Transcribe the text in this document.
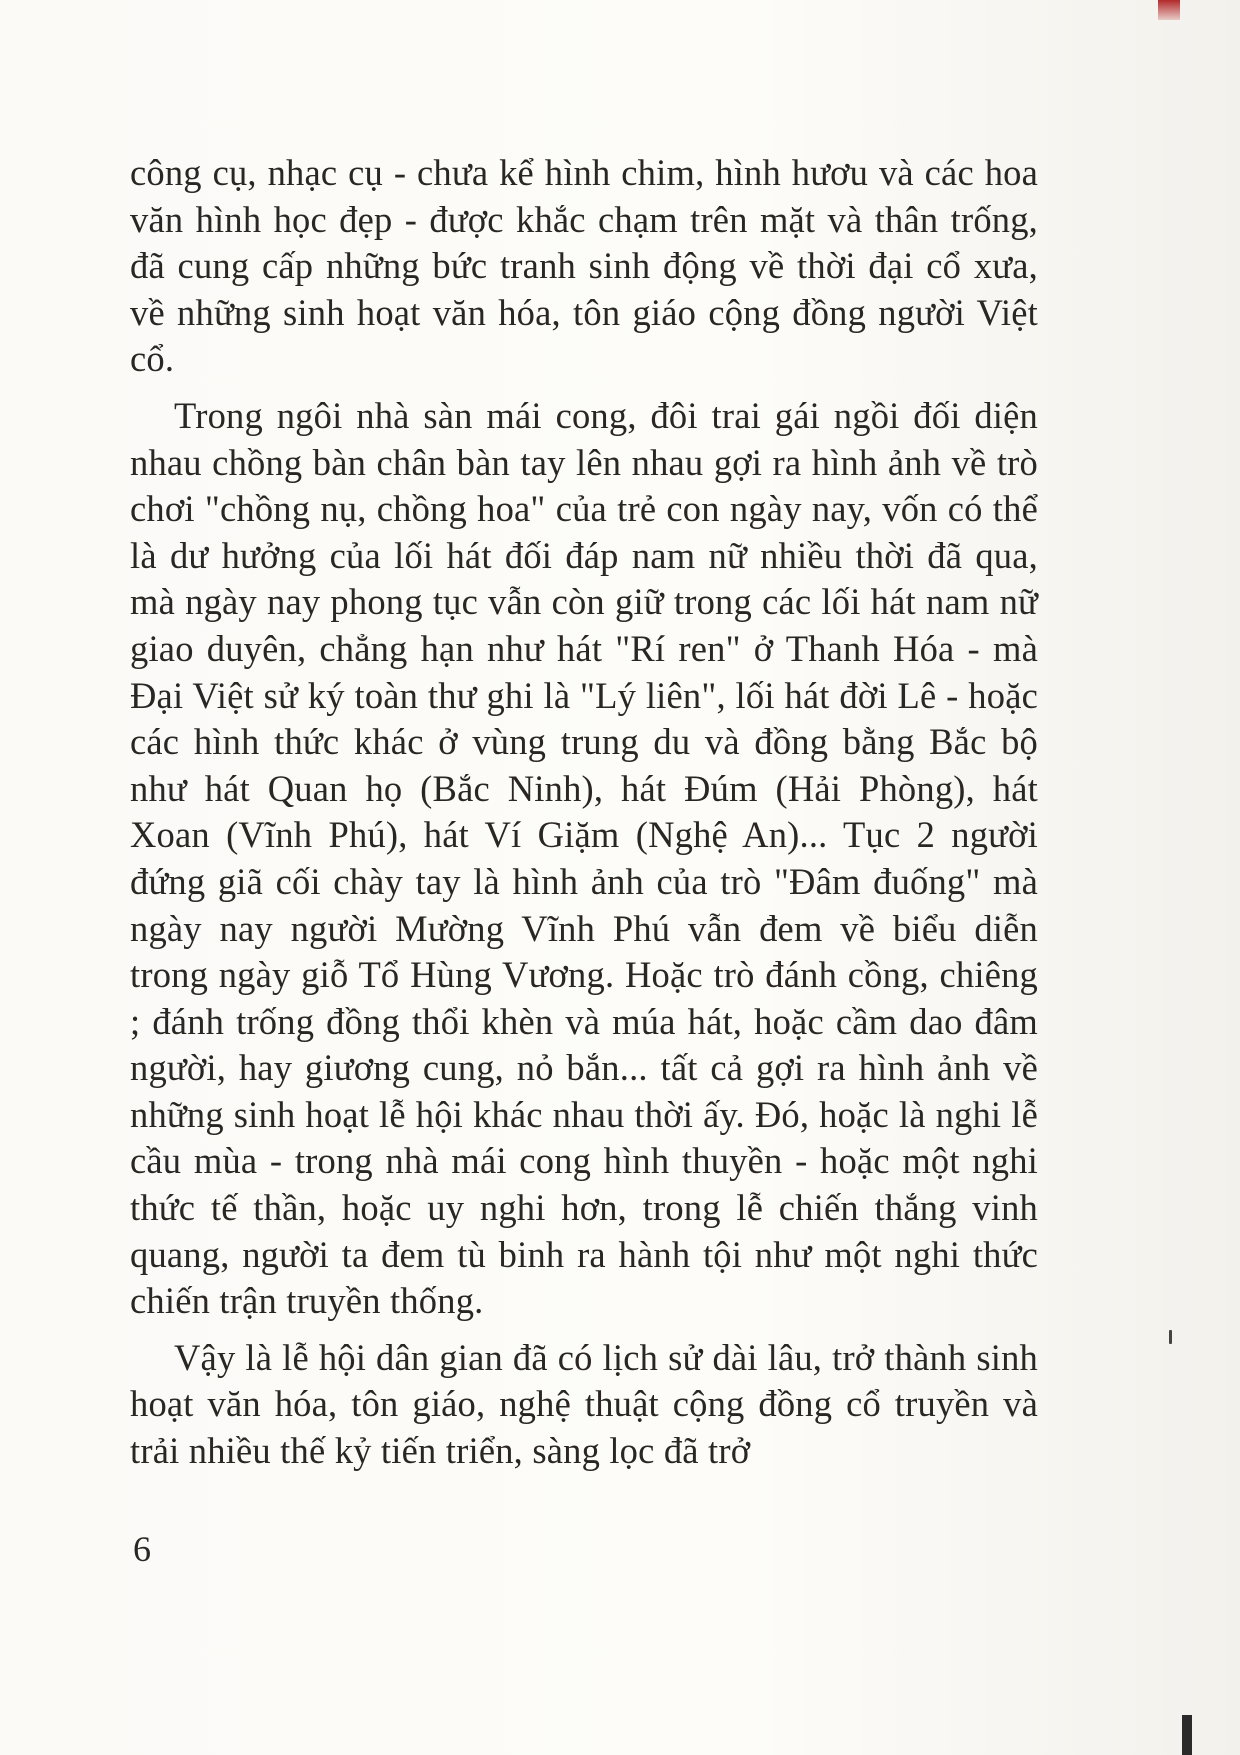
công cụ, nhạc cụ - chưa kể hình chim, hình hươu và các hoa văn hình học đẹp - được khắc chạm trên mặt và thân trống, đã cung cấp những bức tranh sinh động về thời đại cổ xưa, về những sinh hoạt văn hóa, tôn giáo cộng đồng người Việt cổ.

Trong ngôi nhà sàn mái cong, đôi trai gái ngồi đối diện nhau chồng bàn chân bàn tay lên nhau gợi ra hình ảnh về trò chơi "chồng nụ, chồng hoa" của trẻ con ngày nay, vốn có thể là dư hưởng của lối hát đối đáp nam nữ nhiều thời đã qua, mà ngày nay phong tục vẫn còn giữ trong các lối hát nam nữ giao duyên, chẳng hạn như hát "Rí ren" ở Thanh Hóa - mà Đại Việt sử ký toàn thư ghi là "Lý liên", lối hát đời Lê - hoặc các hình thức khác ở vùng trung du và đồng bằng Bắc bộ như hát Quan họ (Bắc Ninh), hát Đúm (Hải Phòng), hát Xoan (Vĩnh Phú), hát Ví Giặm (Nghệ An)... Tục 2 người đứng giã cối chày tay là hình ảnh của trò "Đâm đuống" mà ngày nay người Mường Vĩnh Phú vẫn đem về biểu diễn trong ngày giỗ Tổ Hùng Vương. Hoặc trò đánh cồng, chiêng ; đánh trống đồng thổi khèn và múa hát, hoặc cầm dao đâm người, hay giương cung, nỏ bắn... tất cả gợi ra hình ảnh về những sinh hoạt lễ hội khác nhau thời ấy. Đó, hoặc là nghi lễ cầu mùa - trong nhà mái cong hình thuyền - hoặc một nghi thức tế thần, hoặc uy nghi hơn, trong lễ chiến thắng vinh quang, người ta đem tù binh ra hành tội như một nghi thức chiến trận truyền thống.

Vậy là lễ hội dân gian đã có lịch sử dài lâu, trở thành sinh hoạt văn hóa, tôn giáo, nghệ thuật cộng đồng cổ truyền và trải nhiều thế kỷ tiến triển, sàng lọc đã trở

6
